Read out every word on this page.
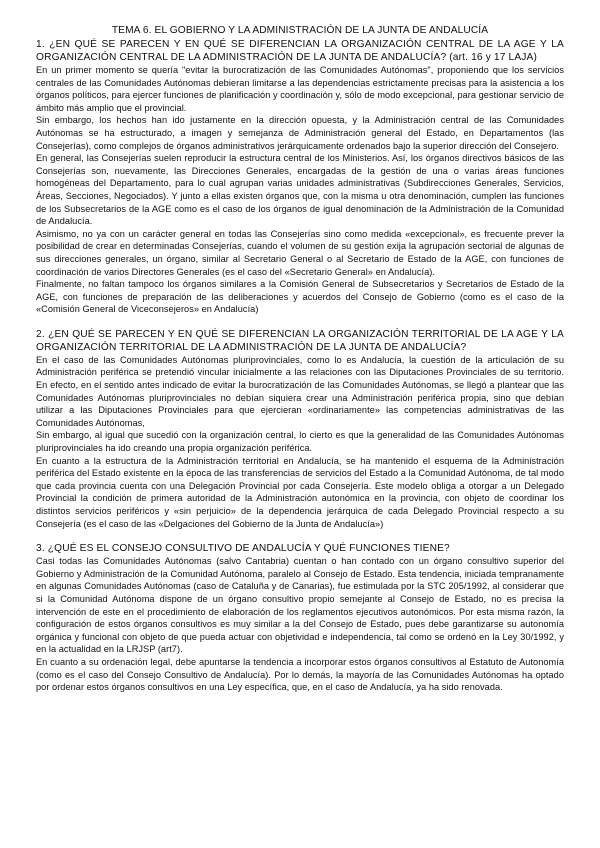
TEMA 6. EL GOBIERNO Y LA ADMINISTRACIÓN DE LA JUNTA DE ANDALUCÍA
1. ¿EN QUÉ SE PARECEN Y EN QUÉ SE DIFERENCIAN LA ORGANIZACIÓN CENTRAL DE LA AGE Y LA ORGANIZACIÓN CENTRAL DE LA ADMINISTRACIÓN DE LA JUNTA DE ANDALUCÍA? (art. 16 y 17 LAJA)

En un primer momento se quería "evitar la burocratización de las Comunidades Autónomas", proponiendo que los servicios centrales de las Comunidades Autónomas debieran limitarse a las dependencias estrictamente precisas para la asistencia a los órganos políticos, para ejercer funciones de planificación y coordinación y, sólo de modo excepcional, para gestionar servicio de ámbito más amplio que el provincial.

Sin embargo, los hechos han ido justamente en la dirección opuesta, y la Administración central de las Comunidades Autónomas se ha estructurado, a imagen y semejanza de Administración general del Estado, en Departamentos (las Consejerías), como complejos de órganos administrativos jerárquicamente ordenados bajo la superior dirección del Consejero.

En general, las Consejerías suelen reproducir la estructura central de los Ministerios. Así, los órganos directivos básicos de las Consejerías son, nuevamente, las Direcciones Generales, encargadas de la gestión de una o varias áreas funciones homogéneas del Departamento, para lo cual agrupan varias unidades administrativas (Subdirecciones Generales, Servicios, Áreas, Secciones, Negociados). Y junto a ellas existen órganos que, con la misma u otra denominación, cumplen las funciones de los Subsecretarios de la AGE como es el caso de los órganos de igual denominación de la Administración de la Comunidad de Andalucía.

Asimismo, no ya con un carácter general en todas las Consejerías sino como medida «excepcional», es frecuente prever la posibilidad de crear en determinadas Consejerías, cuando el volumen de su gestión exija la agrupación sectorial de algunas de sus direcciones generales, un órgano, similar al Secretario General o al Secretario de Estado de la AGE, con funciones de coordinación de varios Directores Generales (es el caso del «Secretario General» en Andalucía).

Finalmente, no faltan tampoco los órganos similares a la Comisión General de Subsecretarios y Secretarios de Estado de la AGE, con funciones de preparación de las deliberaciones y acuerdos del Consejo de Gobierno (como es el caso de la «Comisión General de Viceconsejeros» en Andalucía)

2. ¿EN QUÉ SE PARECEN Y EN QUÉ SE DIFERENCIAN LA ORGANIZACIÓN TERRITORIAL DE LA AGE Y LA ORGANIZACIÓN TERRITORIAL DE LA ADMINISTRACIÓN DE LA JUNTA DE ANDALUCÍA?

En el caso de las Comunidades Autónomas pluriprovinciales, como lo es Andalucía, la cuestión de la articulación de su Administración periférica se pretendió vincular inicialmente a las relaciones con las Diputaciones Provinciales de su territorio. En efecto, en el sentido antes indicado de evitar la burocratización de las Comunidades Autónomas, se llegó a plantear que las Comunidades Autónomas pluriprovinciales no debían siquiera crear una Administración periférica propia, sino que debían utilizar a las Diputaciones Provinciales para que ejercieran «ordinariamente» las competencias administrativas de las Comunidades Autónomas,

Sin embargo, al igual que sucedió con la organización central, lo cierto es que la generalidad de las Comunidades Autónomas pluriprovinciales ha ido creando una propia organización periférica.

En cuanto a la estructura de la Administración territorial en Andalucía, se ha mantenido el esquema de la Administración periférica del Estado existente en la época de las transferencias de servicios del Estado a la Comunidad Autónoma, de tal modo que cada provincia cuenta con una Delegación Provincial por cada Consejería. Este modelo obliga a otorgar a un Delegado Provincial la condición de primera autoridad de la Administración autonómica en la provincia, con objeto de coordinar los distintos servicios periféricos y «sin perjuicio» de la dependencia jerárquica de cada Delegado Provincial respecto a su Consejería (es el caso de las «Delgaciones del Gobierno de la Junta de Andalucía»)

3. ¿QUÉ ES EL CONSEJO CONSULTIVO DE ANDALUCÍA Y QUÉ FUNCIONES TIENE?

Casi todas las Comunidades Autónomas (salvo Cantabria) cuentan o han contado con un órgano consultivo superior del Gobierno y Administración de la Comunidad Autónoma, paralelo al Consejo de Estado. Esta tendencia, iniciada tempranamente en algunas Comunidades Autónomas (caso de Cataluña y de Canarias), fue estimulada por la STC 205/1992, al considerar que si la Comunidad Autónoma dispone de un órgano consultivo propio semejante al Consejo de Estado, no es precisa la intervención de este en el procedimiento de elaboración de los reglamentos ejecutivos autonómicos. Por esta misma razón, la configuración de estos órganos consultivos es muy similar a la del Consejo de Estado, pues debe garantizarse su autonomía orgánica y funcional con objeto de que pueda actuar con objetividad e independencia, tal como se ordenó en la Ley 30/1992, y en la actualidad en la LRJSP (art7).

En cuanto a su ordenación legal, debe apuntarse la tendencia a incorporar estos órganos consultivos al Estatuto de Autonomía (como es el caso del Consejo Consultivo de Andalucía). Por lo demás, la mayoría de las Comunidades Autónomas ha optado por ordenar estos órganos consultivos en una Ley específica, que, en el caso de Andalucía, ya ha sido renovada.
